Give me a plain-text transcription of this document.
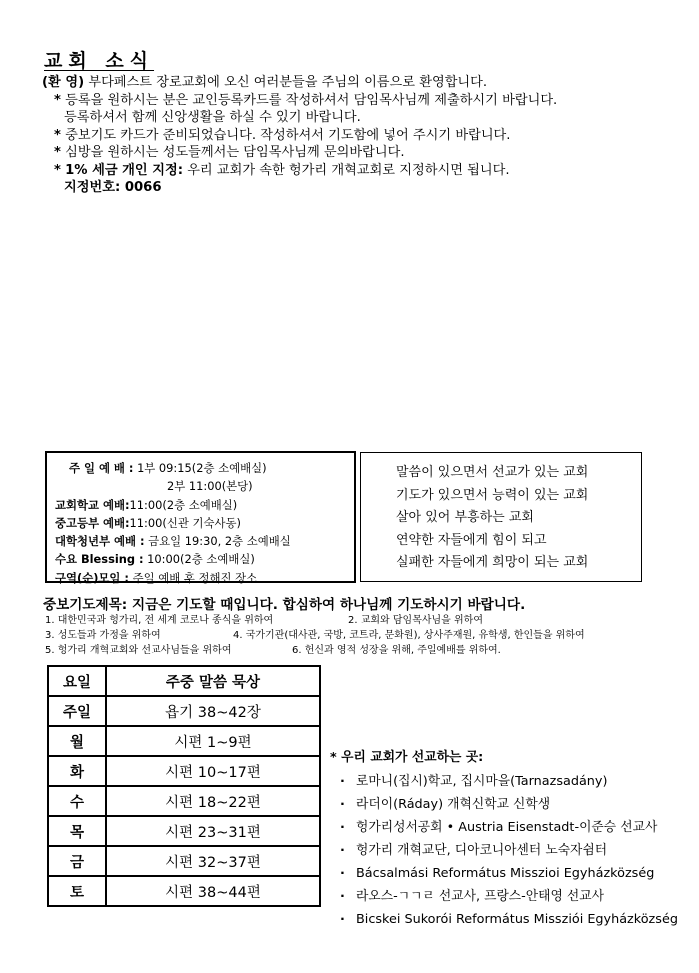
교회 소식
(환 영) 부다페스트 장로교회에 오신 여러분들을 주님의 이름으로 환영합니다.
* 등록을 원하시는 분은 교인등록카드를 작성하셔서 담임목사님께 제출하시기 바랍니다.
등록하셔서 함께 신앙생활을 하실 수 있기 바랍니다.
* 중보기도 카드가 준비되었습니다. 작성하셔서 기도함에 넣어 주시기 바랍니다.
* 심방을 원하시는 성도들께서는 담임목사님께 문의바랍니다.
* 1% 세금 개인 지정: 우리 교회가 속한 헝가리 개혁교회로 지정하시면 됩니다.
지정번호: 0066
주 일 예 배 : 1부 09:15(2층 소예배실)
2부 11:00(본당)
교회학교 예배:11:00(2층 소예배실)
중고등부 예배:11:00(신관 기숙사동)
대학청년부 예배 : 금요일 19:30, 2층 소예배실
수요 Blessing : 10:00(2층 소예배실)
구역(순)모임 : 주일 예배 후 정해진 장소
말씀이 있으면서 선교가 있는 교회
기도가 있으면서 능력이 있는 교회
살아 있어 부흥하는 교회
연약한 자들에게 힘이 되고
실패한 자들에게 희망이 되는 교회
중보기도제목: 지금은 기도할 때입니다. 합심하여 하나님께 기도하시기 바랍니다.
1. 대한민국과 헝가리, 전 세계 코로나 종식을 위하여	2. 교회와 담임목사님을 위하여
3. 성도들과 가정을 위하여	4. 국가기관(대사관, 국방, 코트라, 문화원), 상사주재원, 유학생, 한인들을 위하여
5. 헝가리 개혁교회와 선교사님들을 위하여	6. 헌신과 영적 성장을 위해, 주일예배를 위하여.
요일	주중 말씀 묵상
주일	욥기 38~42장
월	시편 1~9편
화	시편 10~17편
수	시편 18~22편
목	시편 23~31편
금	시편 32~37편
토	시편 38~44편
* 우리 교회가 선교하는 곳:
· 로마니(집시)학교, 집시마을(Tarnazsadány)
· 라더이(Ráday) 개혁신학교 신학생
· 헝가리성서공회 • Austria Eisenstadt-이준승 선교사
· 헝가리 개혁교단, 디아코니아센터 노숙자쉼터
· Bácsalmási Református Misszioi Egyházközség
· 라오스-ㄱㄱㄹ 선교사, 프랑스-안태영 선교사
· Bicskei Sukorói Református Missziói Egyházközség
